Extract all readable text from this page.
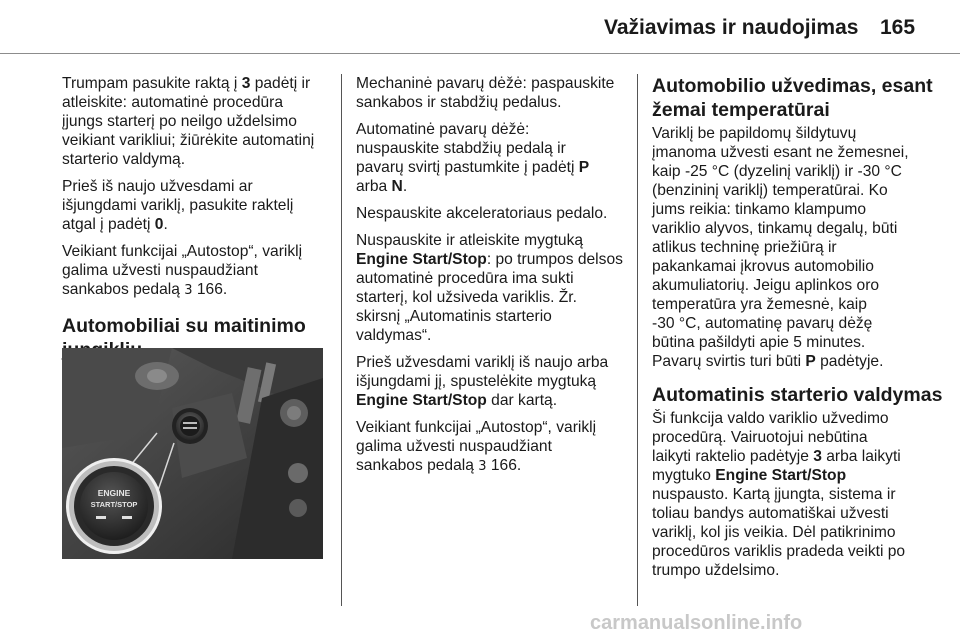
Važiavimas ir naudojimas 165

Trumpam pasukite raktą į 3 padėtį ir
atleiskite: automatinė procedūra
įjungs starterį po neilgo uždelsimo
veikiant varikliui; žiūrėkite automatinį
starterio valdymą.

Prieš iš naujo užvesdami ar
išjungdami variklį, pasukite raktelį
atgal į padėtį 0.

Veikiant funkcijai „Autostop“, variklį
galima užvesti nuspaudžiant
sankabos pedalą 3 166.

Automobiliai su maitinimo
ENGINE
START/STOP

Mechaninė pavarų dėžė: paspauskite
sankabos ir stabdžių pedalus.

Automatinė pavarų dėžė:
nuspauskite stabdžių pedalą ir
pavarų svirtį pastumkite į padėtį P
arba N.

Nespauskite akceleratoriaus pedalo.

Nuspauskite ir atleiskite mygtuką
Engine Start/Stop: po trumpos delsos
automatinė procedūra ima sukti
starterį, kol užsiveda variklis. Žr.
skirsnį „Automatinis starterio
valdymas“.

Prieš užvesdami variklį iš naujo arba
išjungdami jį, spustelėkite mygtuką
Engine Start/Stop dar kartą.

Veikiant funkcijai „Autostop“, variklį
galima užvesti nuspaudžiant
sankabos pedalą 3 166.

Automobilio užvedimas, esant
žemai temperatūrai

Variklį be papildomų šildytuvų
įmanoma užvesti esant ne žemesnei,
kaip -25 °C (dyzelinį variklį) ir -30 °C
(benzininį variklį) temperatūrai. Ko
jums reikia: tinkamo klampumo
variklio alyvos, tinkamų degalų, būti
atlikus techninę priežiūrą ir
pakankamai įkrovus automobilio
akumuliatorių. Jeigu aplinkos oro
temperatūra yra žemesnė, kaip
-30 °C, automatinę pavarų dėžę
būtina pašildyti apie 5 minutes.
Pavarų svirtis turi būti P padėtyje.

Automatinis starterio valdymas

Ši funkcija valdo variklio užvedimo
procedūrą. Vairuotojui nebūtina
laikyti raktelio padėtyje 3 arba laikyti
mygtuko Engine Start/Stop
nuspausto. Kartą įjungta, sistema ir
toliau bandys automatiškai užvesti
variklį, kol jis veikia. Dėl patikrinimo
procedūros variklis pradeda veikti po
trumpo uždelsimo.

carmanualsonline.info
